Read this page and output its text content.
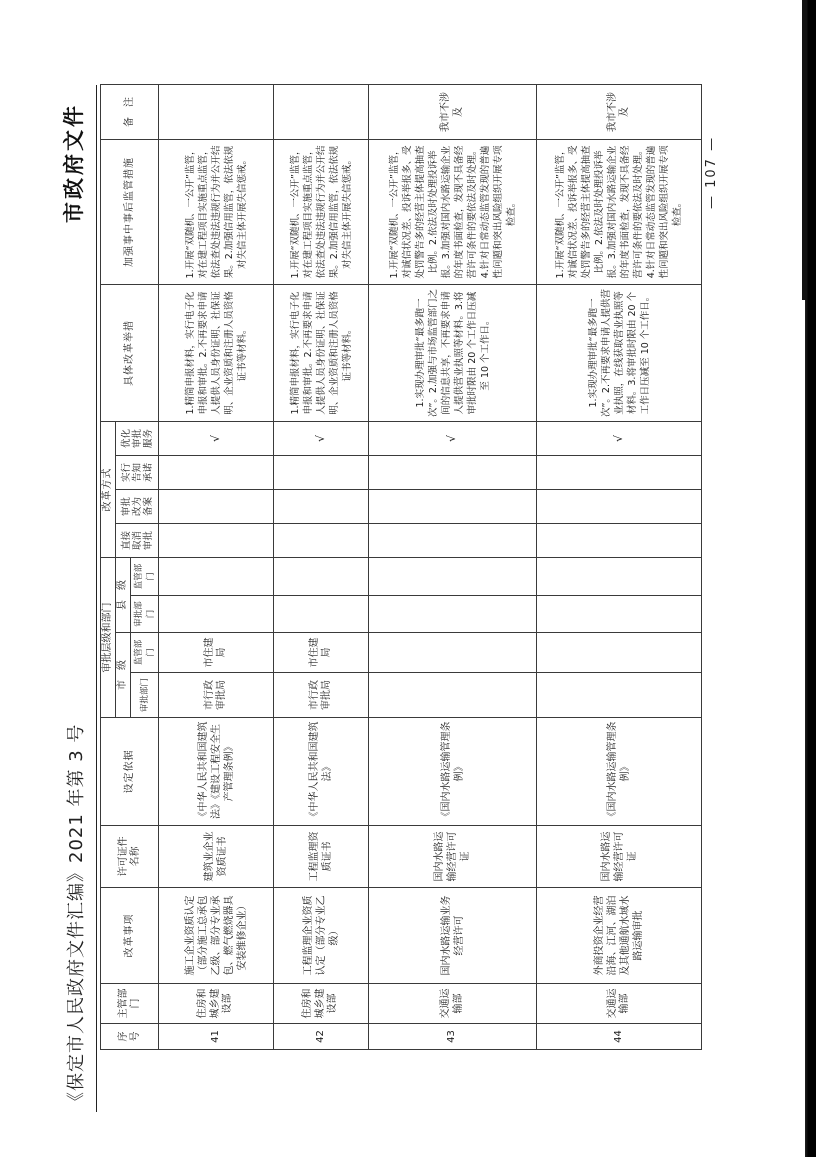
《保定市人民政府文件汇编》2021 年第 3 号
市政府文件
序号	主管部门	改革事项	许可证件名称	设定依据	审批层级和部门				改革方式				具体改革举措	加强事中事后监管措施	备　注
					市　级		县　级		直接取消审批	审批改为备案	实行告知承诺	优化审批服务			
					审批部门	监管部门	审批部门	监管部门							
41	住房和城乡建设部	施工企业资质认定（部分施工总承包乙级、部分专业承包、燃气燃烧器具安装维修企业）	建筑业企业资质证书	《中华人民共和国建筑法》《建设工程安全生产管理条例》	市行政审批局	市住建局						√	1.精简申报材料，实行电子化申报和审批。2.不再要求申请人提供人员身份证明、社保证明、企业资质和注册人员资格证书等材料。	1.开展“双随机、一公开”监管，对在建工程项目实施重点监管，依法查处违法违规行为并公开结果。2.加强信用监管，依法依规对失信主体开展失信惩戒。	
42	住房和城乡建设部	工程监理企业资质认定（部分专业乙级）	工程监理资质证书	《中华人民共和国建筑法》	市行政审批局	市住建局						√	1.精简申报材料，实行电子化申报和审批。2.不再要求申请人提供人员身份证明、社保证明、企业资质和注册人员资格证书等材料。	1.开展“双随机、一公开”监管，对在建工程项目实施重点监管，依法查处违法违规行为并公开结果。2.加强信用监管，依法依规对失信主体开展失信惩戒。	
43	交通运输部	国内水路运输业务经营许可	国内水路运输经营许可证	《国内水路运输管理条例》								√	1.实现办理审批“最多跑一次”。2.加强与市场监管部门之间的信息共享，不再要求申请人提供营业执照等材料。3.将审批时限由 20 个工作日压减至 10 个工作日。	1.开展“双随机、一公开”监管，对诚信状况差、投诉举报多、受处罚警告多的经营主体提高抽查比例。2.依法及时处理投诉举报。3.加强对国内水路运输企业的年度书面检查，发现不具备经营许可条件的要依法及时处理。4.针对日常动态监管发现的普遍性问题和突出风险组织开展专项检查。	我市不涉及
44	交通运输部	外商投资企业经营沿海、江河、湖泊及其他通航水域水路运输审批	国内水路运输经营许可证	《国内水路运输管理条例》								√	1.实现办理审批“最多跑一次”。2.不再要求申请人提供营业执照，在线获取营业执照等材料。3.将审批时限由 20 个工作日压减至 10 个工作日。	1.开展“双随机、一公开”监管，对诚信状况差、投诉举报多、受处罚警告多的经营主体提高抽查比例。2.依法及时处理投诉举报。3.加强对国内水路运输企业的年度书面检查，发现不具备经营许可条件的要依法及时处理。4.针对日常动态监管发现的普遍性问题和突出风险组织开展专项检查。	我市不涉及
— 107 —
